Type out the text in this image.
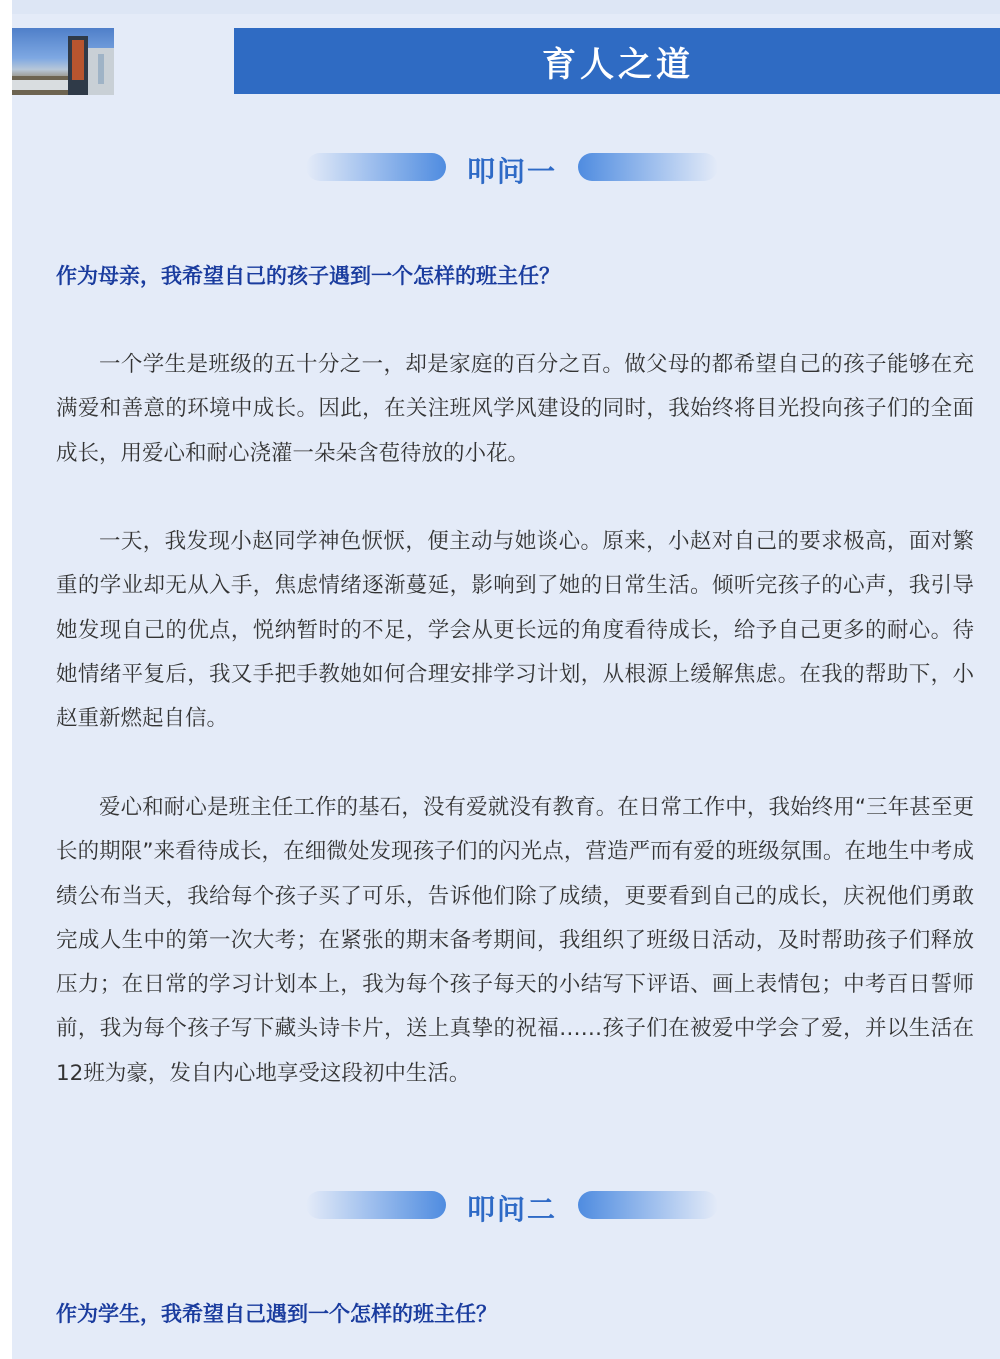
育人之道
叩问一
作为母亲，我希望自己的孩子遇到一个怎样的班主任？

一个学生是班级的五十分之一，却是家庭的百分之百。做父母的都希望自己的孩子能够在充满爱和善意的环境中成长。因此，在关注班风学风建设的同时，我始终将目光投向孩子们的全面成长，用爱心和耐心浇灌一朵朵含苞待放的小花。

一天，我发现小赵同学神色恹恹，便主动与她谈心。原来，小赵对自己的要求极高，面对繁重的学业却无从入手，焦虑情绪逐渐蔓延，影响到了她的日常生活。倾听完孩子的心声，我引导她发现自己的优点，悦纳暂时的不足，学会从更长远的角度看待成长，给予自己更多的耐心。待她情绪平复后，我又手把手教她如何合理安排学习计划，从根源上缓解焦虑。在我的帮助下，小赵重新燃起自信。

爱心和耐心是班主任工作的基石，没有爱就没有教育。在日常工作中，我始终用“三年甚至更长的期限”来看待成长，在细微处发现孩子们的闪光点，营造严而有爱的班级氛围。在地生中考成绩公布当天，我给每个孩子买了可乐，告诉他们除了成绩，更要看到自己的成长，庆祝他们勇敢完成人生中的第一次大考；在紧张的期末备考期间，我组织了班级日活动，及时帮助孩子们释放压力；在日常的学习计划本上，我为每个孩子每天的小结写下评语、画上表情包；中考百日誓师前，我为每个孩子写下藏头诗卡片，送上真挚的祝福……孩子们在被爱中学会了爱，并以生活在12班为豪，发自内心地享受这段初中生活。

叩问二
作为学生，我希望自己遇到一个怎样的班主任？
